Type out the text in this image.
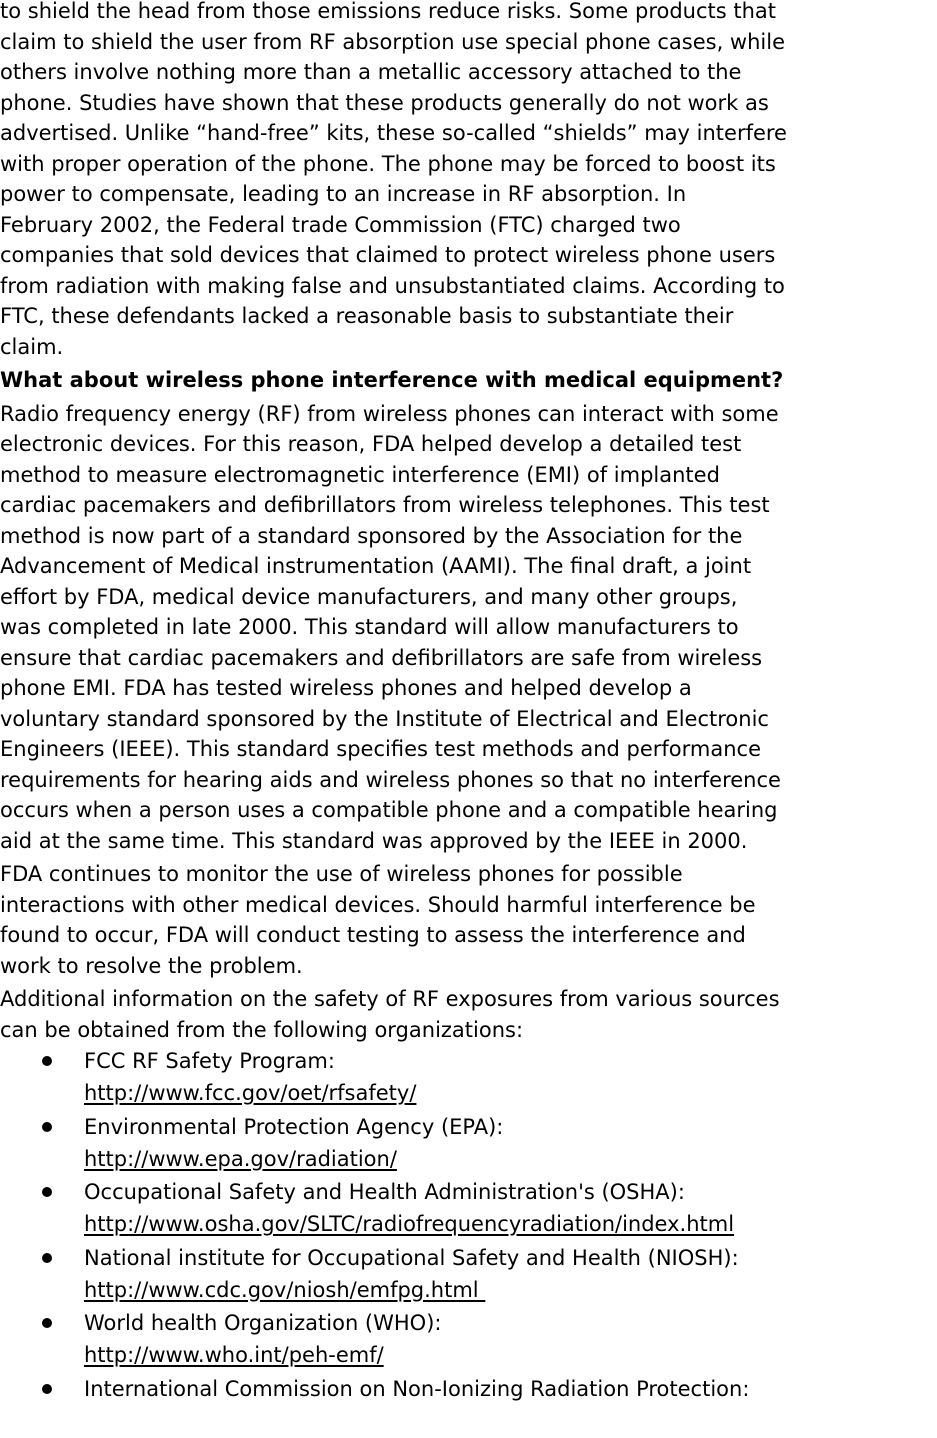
to shield the head from those emissions reduce risks. Some products that

claim to shield the user from RF absorption use special phone cases, while

others involve nothing more than a metallic accessory attached to the

phone. Studies have shown that these products generally do not work as

advertised. Unlike “hand-free” kits, these so-called “shields” may interfere

with proper operation of the phone. The phone may be forced to boost its

power to compensate, leading to an increase in RF absorption. In

February 2002, the Federal trade Commission (FTC) charged two

companies that sold devices that claimed to protect wireless phone users

from radiation with making false and unsubstantiated claims. According to

FTC, these defendants lacked a reasonable basis to substantiate their

claim.

What about wireless phone interference with medical equipment?

Radio frequency energy (RF) from wireless phones can interact with some

electronic devices. For this reason, FDA helped develop a detailed test

method to measure electromagnetic interference (EMI) of implanted

cardiac pacemakers and defibrillators from wireless telephones. This test

method is now part of a standard sponsored by the Association for the

Advancement of Medical instrumentation (AAMI). The final draft, a joint

effort by FDA, medical device manufacturers, and many other groups,

was completed in late 2000. This standard will allow manufacturers to

ensure that cardiac pacemakers and defibrillators are safe from wireless

phone EMI. FDA has tested wireless phones and helped develop a

voluntary standard sponsored by the Institute of Electrical and Electronic

Engineers (IEEE). This standard specifies test methods and performance

requirements for hearing aids and wireless phones so that no interference

occurs when a person uses a compatible phone and a compatible hearing

aid at the same time. This standard was approved by the IEEE in 2000.

FDA continues to monitor the use of wireless phones for possible

interactions with other medical devices. Should harmful interference be

found to occur, FDA will conduct testing to assess the interference and

work to resolve the problem.

Additional information on the safety of RF exposures from various sources

can be obtained from the following organizations:

FCC RF Safety Program:
http://www.fcc.gov/oet/rfsafety/
Environmental Protection Agency (EPA):
http://www.epa.gov/radiation/
Occupational Safety and Health Administration's (OSHA):
http://www.osha.gov/SLTC/radiofrequencyradiation/index.html
National institute for Occupational Safety and Health (NIOSH):
http://www.cdc.gov/niosh/emfpg.html
World health Organization (WHO):
http://www.who.int/peh-emf/
International Commission on Non-Ionizing Radiation Protection:
